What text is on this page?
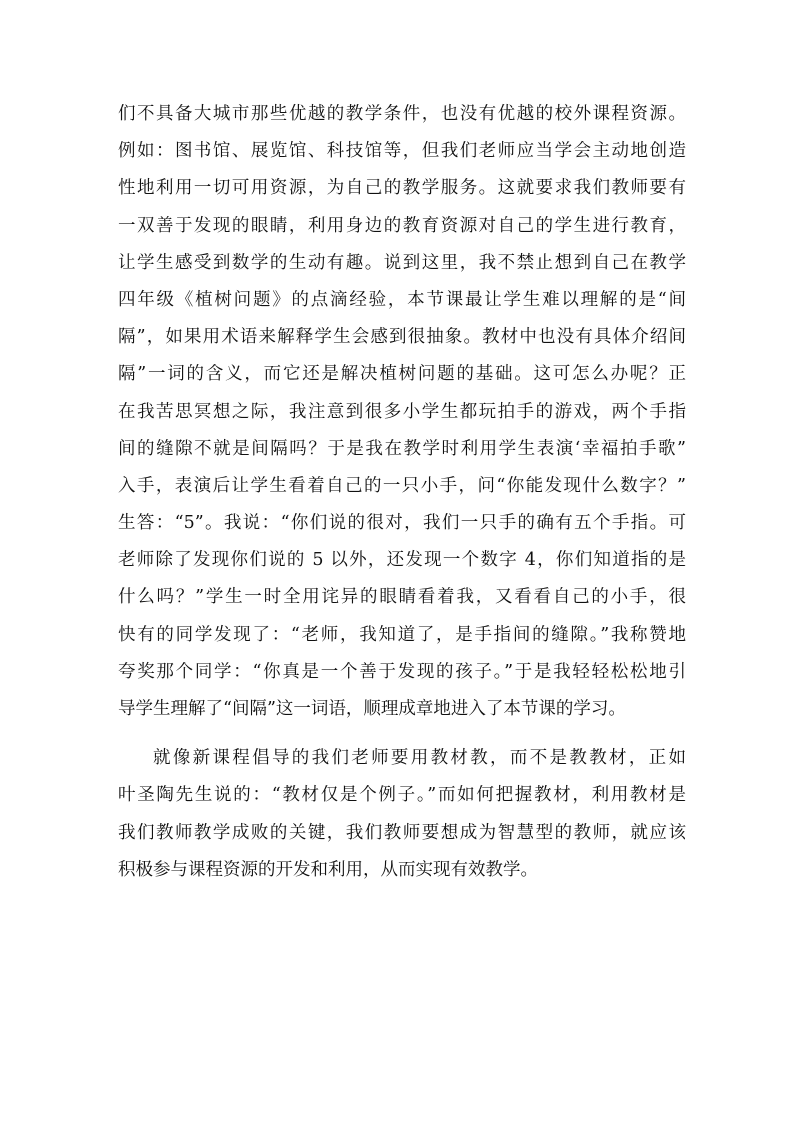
们不具备大城市那些优越的教学条件，也没有优越的校外课程资源。
例如：图书馆、展览馆、科技馆等，但我们老师应当学会主动地创造
性地利用一切可用资源，为自己的教学服务。这就要求我们教师要有
一双善于发现的眼睛，利用身边的教育资源对自己的学生进行教育，
让学生感受到数学的生动有趣。说到这里，我不禁止想到自己在教学
四年级《植树问题》的点滴经验，本节课最让学生难以理解的是“间
隔”，如果用术语来解释学生会感到很抽象。教材中也没有具体介绍间
隔”一词的含义，而它还是解决植树问题的基础。这可怎么办呢？正
在我苦思冥想之际，我注意到很多小学生都玩拍手的游戏，两个手指
间的缝隙不就是间隔吗？于是我在教学时利用学生表演‘幸福拍手歌”
入手，表演后让学生看着自己的一只小手，问“你能发现什么数字？”
生答：“5”。我说：“你们说的很对，我们一只手的确有五个手指。可
老师除了发现你们说的 5 以外，还发现一个数字 4，你们知道指的是
什么吗？”学生一时全用诧异的眼睛看着我，又看看自己的小手，很
快有的同学发现了：“老师，我知道了，是手指间的缝隙。”我称赞地
夸奖那个同学：“你真是一个善于发现的孩子。”于是我轻轻松松地引
导学生理解了“间隔”这一词语，顺理成章地进入了本节课的学习。
就像新课程倡导的我们老师要用教材教，而不是教教材，正如
叶圣陶先生说的：“教材仅是个例子。”而如何把握教材，利用教材是
我们教师教学成败的关键，我们教师要想成为智慧型的教师，就应该
积极参与课程资源的开发和利用，从而实现有效教学。
